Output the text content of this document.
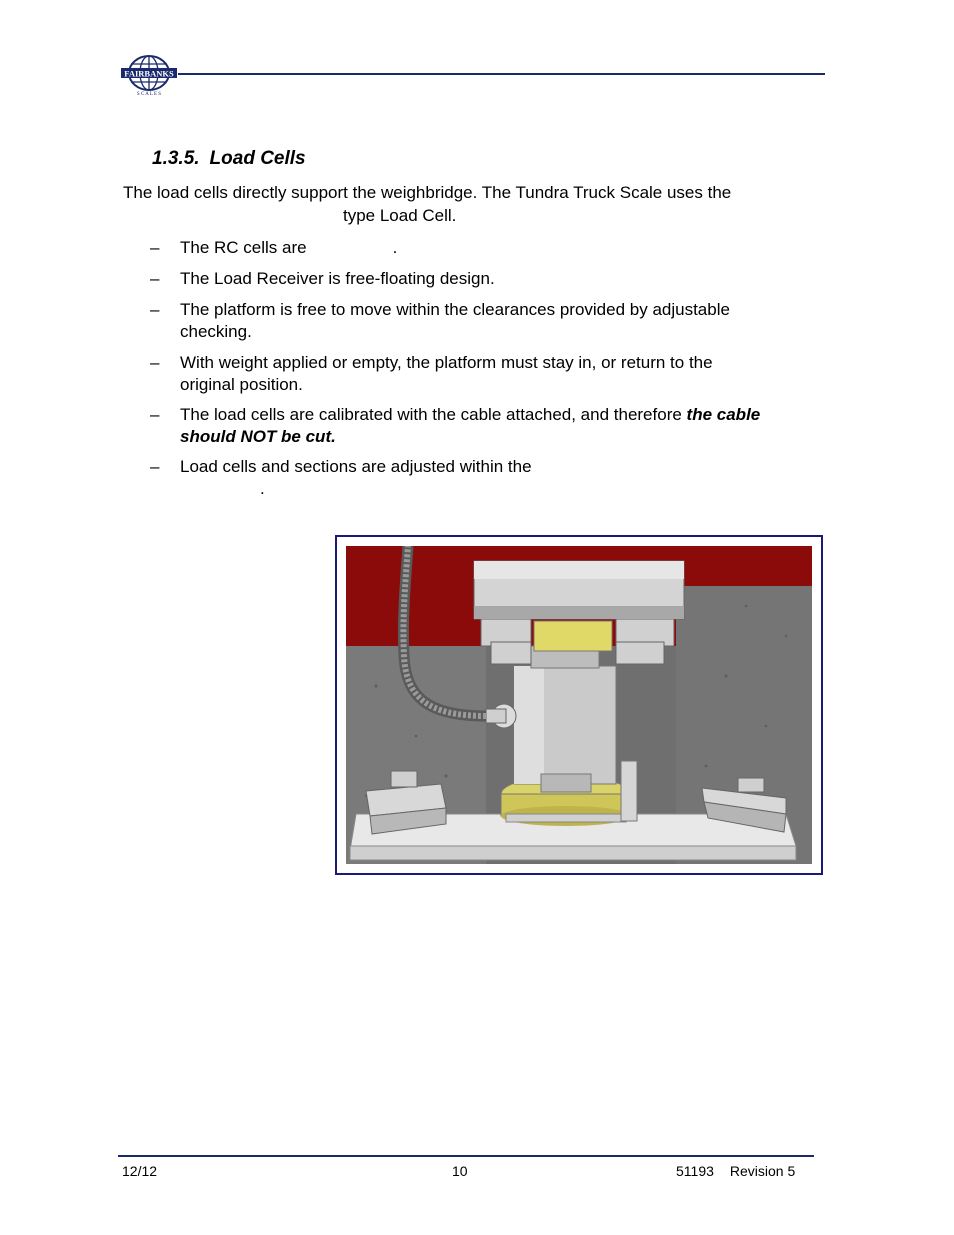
FAIRBANKS
S C A L E S
1.3.5. Load Cells
The load cells directly support the weighbridge. The Tundra Truck Scale uses the
type Load Cell.
– The RC cells are	.
– The Load Receiver is free-floating design.
– The platform is free to move within the clearances provided by adjustable
checking.
– With weight applied or empty, the platform must stay in, or return to the
original position.
– The load cells are calibrated with the cable attached, and therefore the cable
should NOT be cut.
– Load cells and sections are adjusted within the
.
12/12	10	51193 Revision 5
